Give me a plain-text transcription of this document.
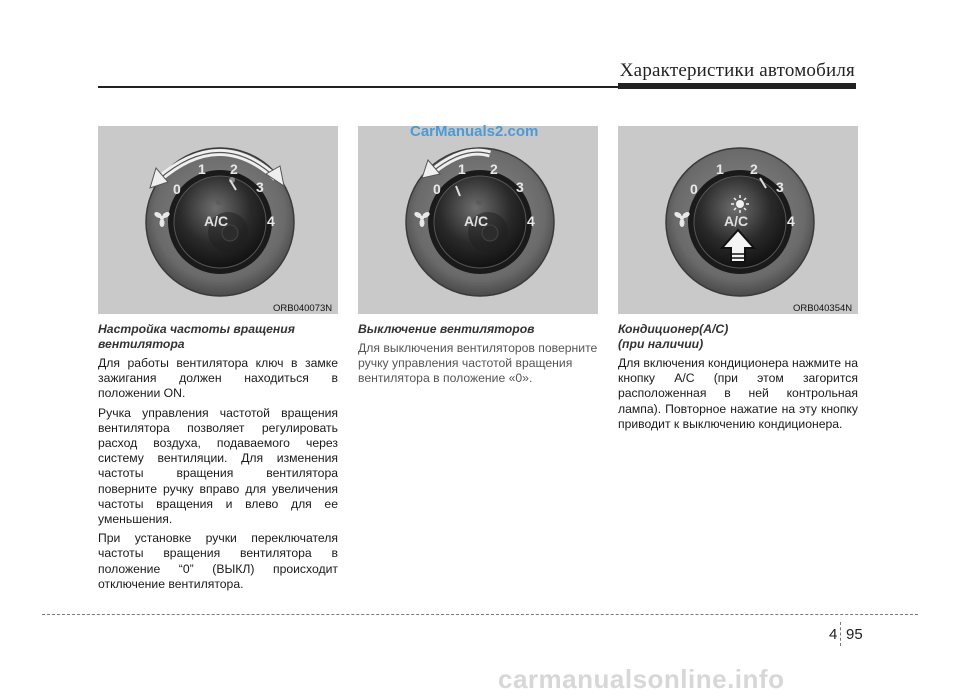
Характеристики автомобиля
0
1 2
3
4
A/C
ORB040073N
0
1 2
3
4
A/C
CarManuals2.com
0
1 2
3
4
A/C
ORB040354N
Настройка частоты вращения
вентилятора

Для работы вентилятора ключ в замке зажигания должен находиться в положении ON.

Ручка управления частотой вращения вентилятора позволяет регулировать расход воздуха, подаваемого через систему вентиляции. Для изменения частоты вращения вентилятора поверните ручку вправо для увеличения частоты вращения и влево для ее уменьшения.

При установке ручки переключателя частоты вращения вентилятора в положение “0” (ВЫКЛ) происходит отключение вентилятора.

Выключение вентиляторов

Для выключения вентиляторов поверните ручку управления частотой вращения вентилятора в положение «0».

Кондиционер(A/C)
(при наличии)

Для включения кондиционера нажмите на кнопку A/C (при этом загорится расположенная в ней контрольная лампа). Повторное нажатие на эту кнопку приводит к выключению кондиционера.

4 95
carmanualsonline.info
